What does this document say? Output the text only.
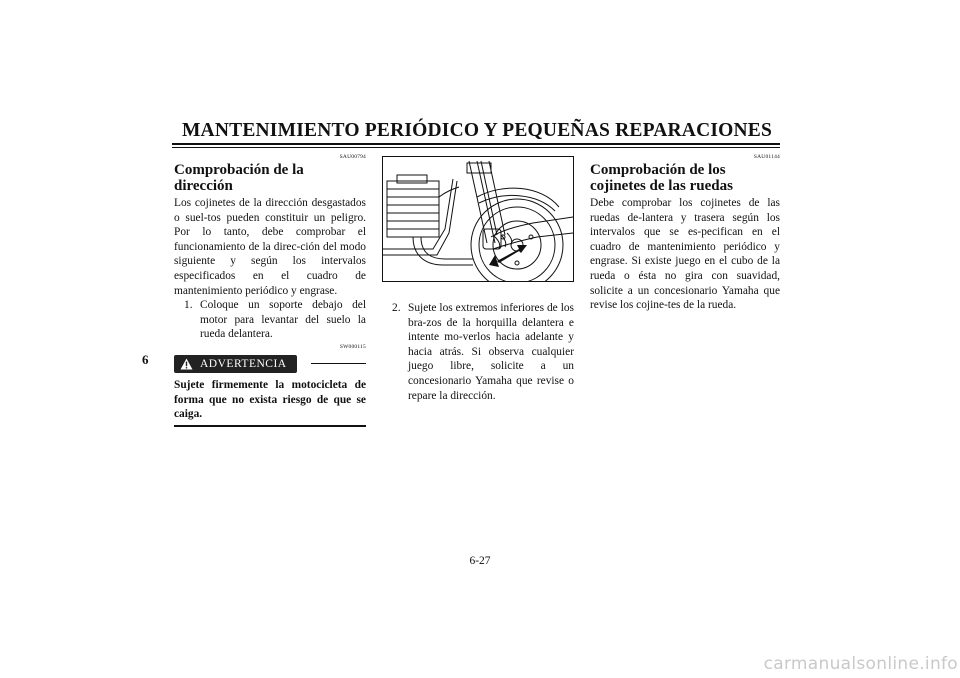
MANTENIMIENTO PERIÓDICO Y PEQUEÑAS REPARACIONES
6
SAU00794
Comprobación de la dirección

Los cojinetes de la dirección desgastados o suel-tos pueden constituir un peligro. Por lo tanto, debe comprobar el funcionamiento de la direc-ción del modo siguiente y según los intervalos especificados en el cuadro de mantenimiento periódico y engrase.

1. Coloque un soporte debajo del motor para levantar del suelo la rueda delantera.
SW000115
ADVERTENCIA
Sujete firmemente la motocicleta de forma que no exista riesgo de que se caiga.
2. Sujete los extremos inferiores de los bra-zos de la horquilla delantera e intente mo-verlos hacia adelante y hacia atrás. Si observa cualquier juego libre, solicite a un concesionario Yamaha que revise o repare la dirección.
SAU01144
Comprobación de los cojinetes de las ruedas

Debe comprobar los cojinetes de las ruedas de-lantera y trasera según los intervalos que se es-pecifican en el cuadro de mantenimiento periódico y engrase. Si existe juego en el cubo de la rueda o ésta no gira con suavidad, solicite a un concesionario Yamaha que revise los cojine-tes de la rueda.

6-27
carmanualsonline.info
